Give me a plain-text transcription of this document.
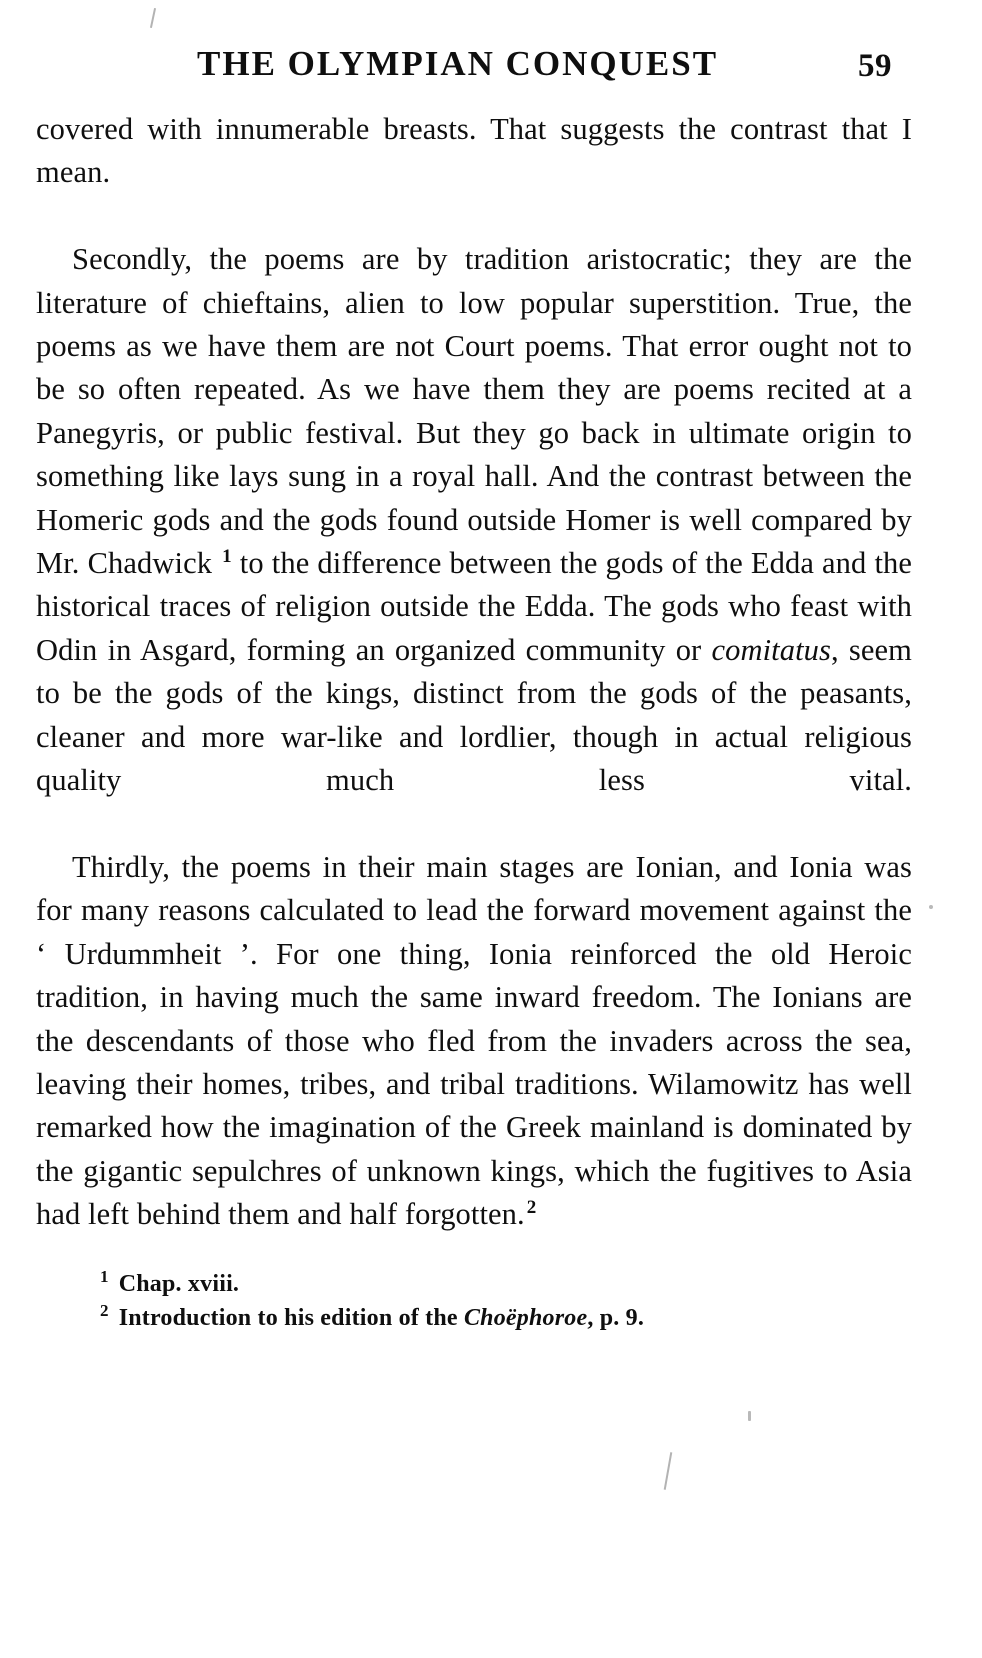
THE OLYMPIAN CONQUEST	59

covered with innumerable breasts. That suggests the contrast that I mean.

Secondly, the poems are by tradition aristocratic; they are the literature of chieftains, alien to low popular superstition. True, the poems as we have them are not Court poems. That error ought not to be so often repeated. As we have them they are poems recited at a Panegyris, or public festival. But they go back in ultimate origin to something like lays sung in a royal hall. And the contrast between the Homeric gods and the gods found outside Homer is well compared by Mr. Chadwick $^1$ to the difference between the gods of the Edda and the historical traces of religion outside the Edda. The gods who feast with Odin in Asgard, forming an organized community or comitatus, seem to be the gods of the kings, distinct from the gods of the peasants, cleaner and more war-like and lordlier, though in actual religious quality much less vital.

Thirdly, the poems in their main stages are Ionian, and Ionia was for many reasons calculated to lead the forward movement against the ‘ Urdummheit ’. For one thing, Ionia reinforced the old Heroic tradition, in having much the same inward freedom. The Ionians are the descendants of those who fled from the invaders across the sea, leaving their homes, tribes, and tribal traditions. Wilamowitz has well remarked how the imagination of the Greek mainland is dominated by the gigantic sepulchres of unknown kings, which the fugitives to Asia had left behind them and half forgotten. $^2$

$^1$ Chap. xviii.
$^2$ Introduction to his edition of the Choëphoroe, p. 9.
